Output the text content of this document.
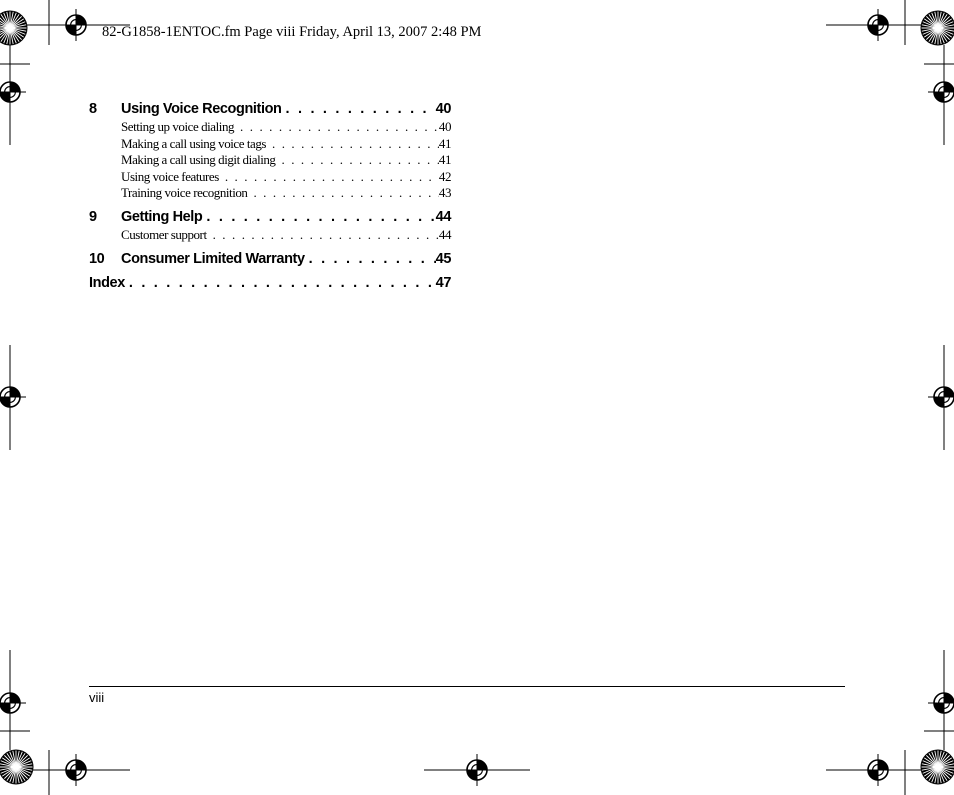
82-G1858-1ENTOC.fm Page viii Friday, April 13, 2007 2:48 PM
8	Using Voice Recognition . . .	40
Setting up voice dialing . . .	40
Making a call using voice tags . . .	41
Making a call using digit dialing . . .	41
Using voice features . . .	42
Training voice recognition . . .	43
9	Getting Help . . .	44
Customer support . . .	44
10	Consumer Limited Warranty . . .	45
Index . . .	47
viii
